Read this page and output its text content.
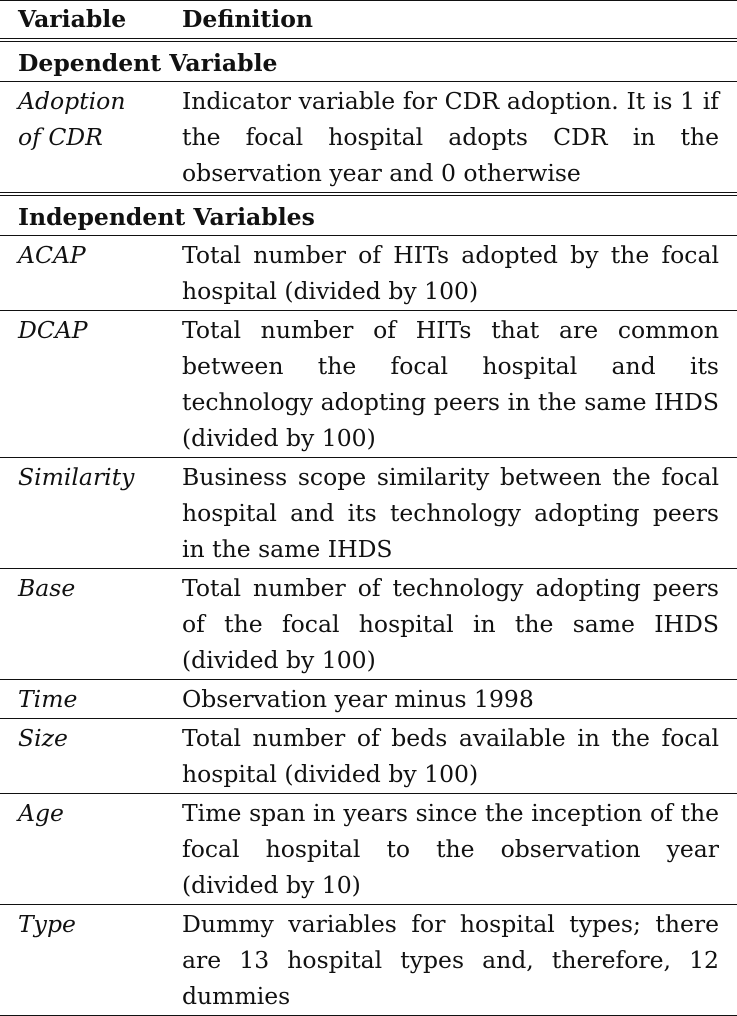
Variable	Definition
Dependent Variable	
Adoption of CDR	Indicator variable for CDR adoption. It is 1 if the focal hospital adopts CDR in the observation year and 0 otherwise
Independent Variables	
ACAP	Total number of HITs adopted by the focal hospital (divided by 100)
DCAP	Total number of HITs that are common between the focal hospital and its technology adopting peers in the same IHDS (divided by 100)
Similarity	Business scope similarity between the focal hospital and its technology adopting peers in the same IHDS
Base	Total number of technology adopting peers of the focal hospital in the same IHDS (divided by 100)
Time	Observation year minus 1998
Size	Total number of beds available in the focal hospital (divided by 100)
Age	Time span in years since the inception of the focal hospital to the observation year (divided by 10)
Type	Dummy variables for hospital types; there are 13 hospital types and, therefore, 12 dummies
